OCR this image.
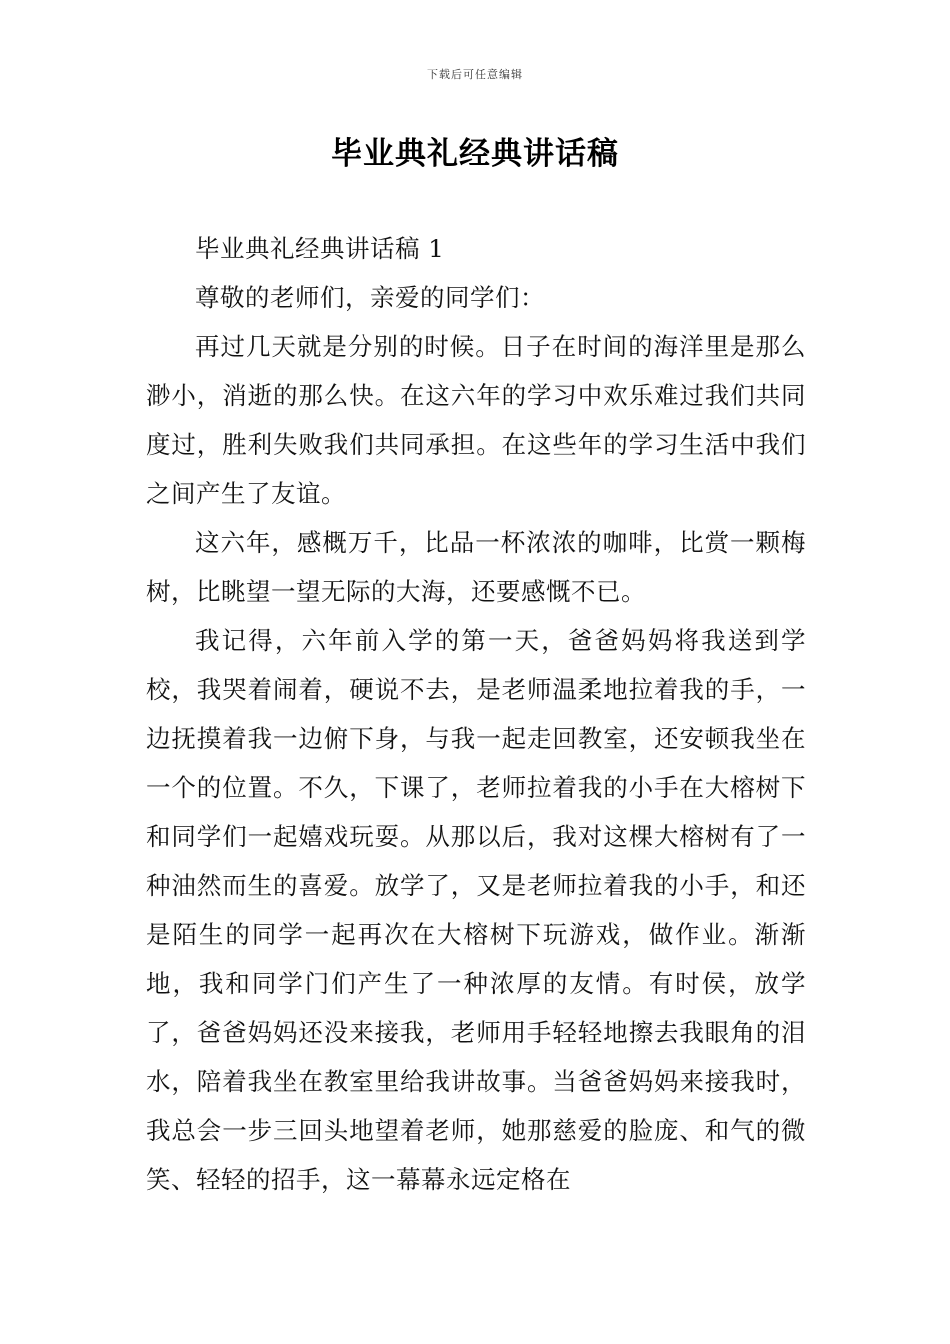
下载后可任意编辑
毕业典礼经典讲话稿

毕业典礼经典讲话稿 1

尊敬的老师们，亲爱的同学们：

再过几天就是分别的时候。日子在时间的海洋里是那么渺小，消逝的那么快。在这六年的学习中欢乐难过我们共同度过，胜利失败我们共同承担。在这些年的学习生活中我们之间产生了友谊。

这六年，感概万千，比品一杯浓浓的咖啡，比赏一颗梅树，比眺望一望无际的大海，还要感慨不已。

我记得，六年前入学的第一天，爸爸妈妈将我送到学校，我哭着闹着，硬说不去，是老师温柔地拉着我的手，一边抚摸着我一边俯下身，与我一起走回教室，还安顿我坐在一个的位置。不久，下课了，老师拉着我的小手在大榕树下和同学们一起嬉戏玩耍。从那以后，我对这棵大榕树有了一种油然而生的喜爱。放学了，又是老师拉着我的小手，和还是陌生的同学一起再次在大榕树下玩游戏，做作业。渐渐地，我和同学门们产生了一种浓厚的友情。有时侯，放学了，爸爸妈妈还没来接我，老师用手轻轻地擦去我眼角的泪水，陪着我坐在教室里给我讲故事。当爸爸妈妈来接我时，我总会一步三回头地望着老师，她那慈爱的脸庞、和气的微笑、轻轻的招手，这一幕幕永远定格在
